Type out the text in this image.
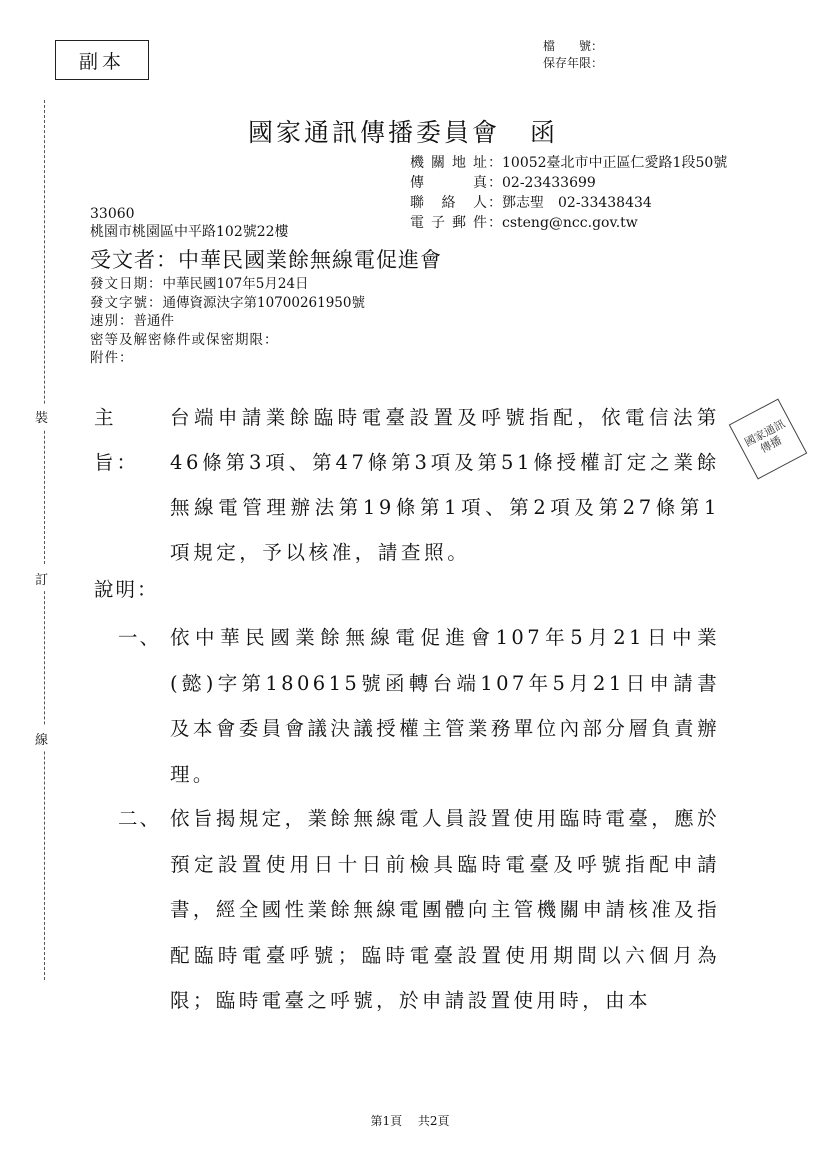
副本
檔　　號：
保存年限：
國家通訊傳播委員會 函
機關地址 ： 10052臺北市中正區仁愛路1段50號
傳　　真 ： 02-23433699
聯 絡 人 ： 鄧志聖　02-33438434
電子郵件 ： csteng@ncc.gov.tw
33060
桃園市桃園區中平路102號22樓
受文者：中華民國業餘無線電促進會
發文日期： 中華民國107年5月24日
發文字號： 通傳資源決字第10700261950號
速別： 普通件
密等及解密條件或保密期限：
附件：
裝
訂
線
主旨：
台端申請業餘臨時電臺設置及呼號指配，依電信法第46條第3項、第47條第3項及第51條授權訂定之業餘無線電管理辦法第19條第1項、第2項及第27條第1項規定，予以核准，請查照。
國家通訊傳播
說明：
一、 依中華民國業餘無線電促進會107年5月21日中業(懿)字第180615號函轉台端107年5月21日申請書及本會委員會議決議授權主管業務單位內部分層負責辦理。
二、 依旨揭規定，業餘無線電人員設置使用臨時電臺，應於預定設置使用日十日前檢具臨時電臺及呼號指配申請書，經全國性業餘無線電團體向主管機關申請核准及指配臨時電臺呼號；臨時電臺設置使用期間以六個月為限；臨時電臺之呼號，於申請設置使用時，由本
第1頁 共2頁
